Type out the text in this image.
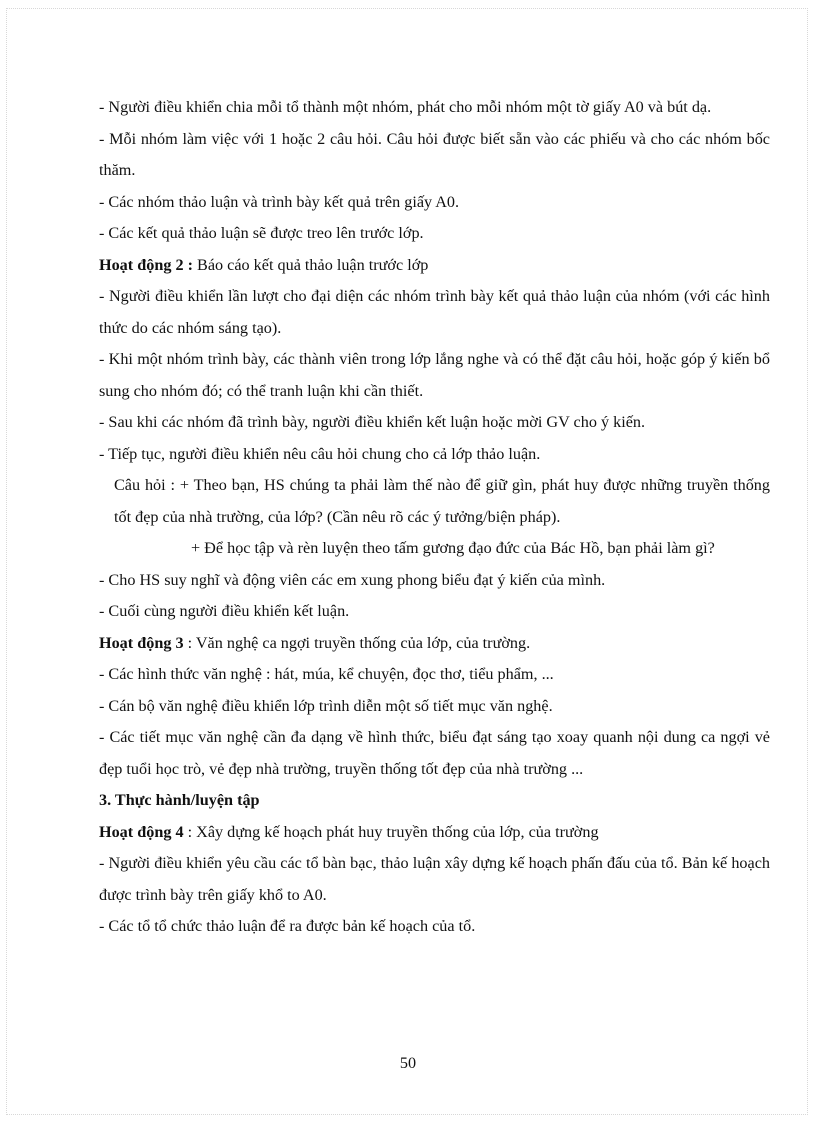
- Người điều khiển chia mỗi tổ thành một nhóm, phát cho mỗi nhóm một tờ giấy A0 và bút dạ.

- Mỗi nhóm làm việc với 1 hoặc 2 câu hỏi. Câu hỏi được biết sẵn vào các phiếu và cho các nhóm bốc thăm.

- Các nhóm thảo luận và trình bày kết quả trên giấy A0.

- Các kết quả thảo luận sẽ được treo lên trước lớp.

Hoạt động 2 : Báo cáo kết quả thảo luận trước lớp

- Người điều khiển lần lượt cho đại diện các nhóm trình bày kết quả thảo luận của nhóm (với các hình thức do các nhóm sáng tạo).

- Khi một nhóm trình bày, các thành viên trong lớp lắng nghe và có thể đặt câu hỏi, hoặc góp ý kiến bổ sung cho nhóm đó; có thể tranh luận khi cần thiết.

- Sau khi các nhóm đã trình bày, người điều khiển kết luận hoặc mời GV cho ý kiến.

- Tiếp tục, người điều khiển nêu câu hỏi chung cho cả lớp thảo luận.

Câu hỏi : + Theo bạn, HS chúng ta phải làm thế nào để giữ gìn, phát huy được những truyền thống tốt đẹp của nhà trường, của lớp? (Cần nêu rõ các ý tưởng/biện pháp).

+ Để học tập và rèn luyện theo tấm gương đạo đức của Bác Hồ, bạn phải làm gì?

- Cho HS suy nghĩ và động viên các em xung phong biểu đạt ý kiến của mình.

- Cuối cùng người điều khiển kết luận.

Hoạt động 3 : Văn nghệ ca ngợi truyền thống của lớp, của trường.

- Các hình thức văn nghệ : hát, múa, kể chuyện, đọc thơ, tiểu phẩm, ...

- Cán bộ văn nghệ điều khiển lớp trình diễn một số tiết mục văn nghệ.

- Các tiết mục văn nghệ cần đa dạng về hình thức, biểu đạt sáng tạo xoay quanh nội dung ca ngợi vẻ đẹp tuổi học trò, vẻ đẹp nhà trường, truyền thống tốt đẹp của nhà trường ...

3. Thực hành/luyện tập

Hoạt động 4 : Xây dựng kế hoạch phát huy truyền thống của lớp, của trường

- Người điều khiển yêu cầu các tổ bàn bạc, thảo luận xây dựng kế hoạch phấn đấu của tổ. Bản kế hoạch được trình bày trên giấy khổ to A0.

- Các tổ tổ chức thảo luận để ra được bản kế hoạch của tổ.

50
